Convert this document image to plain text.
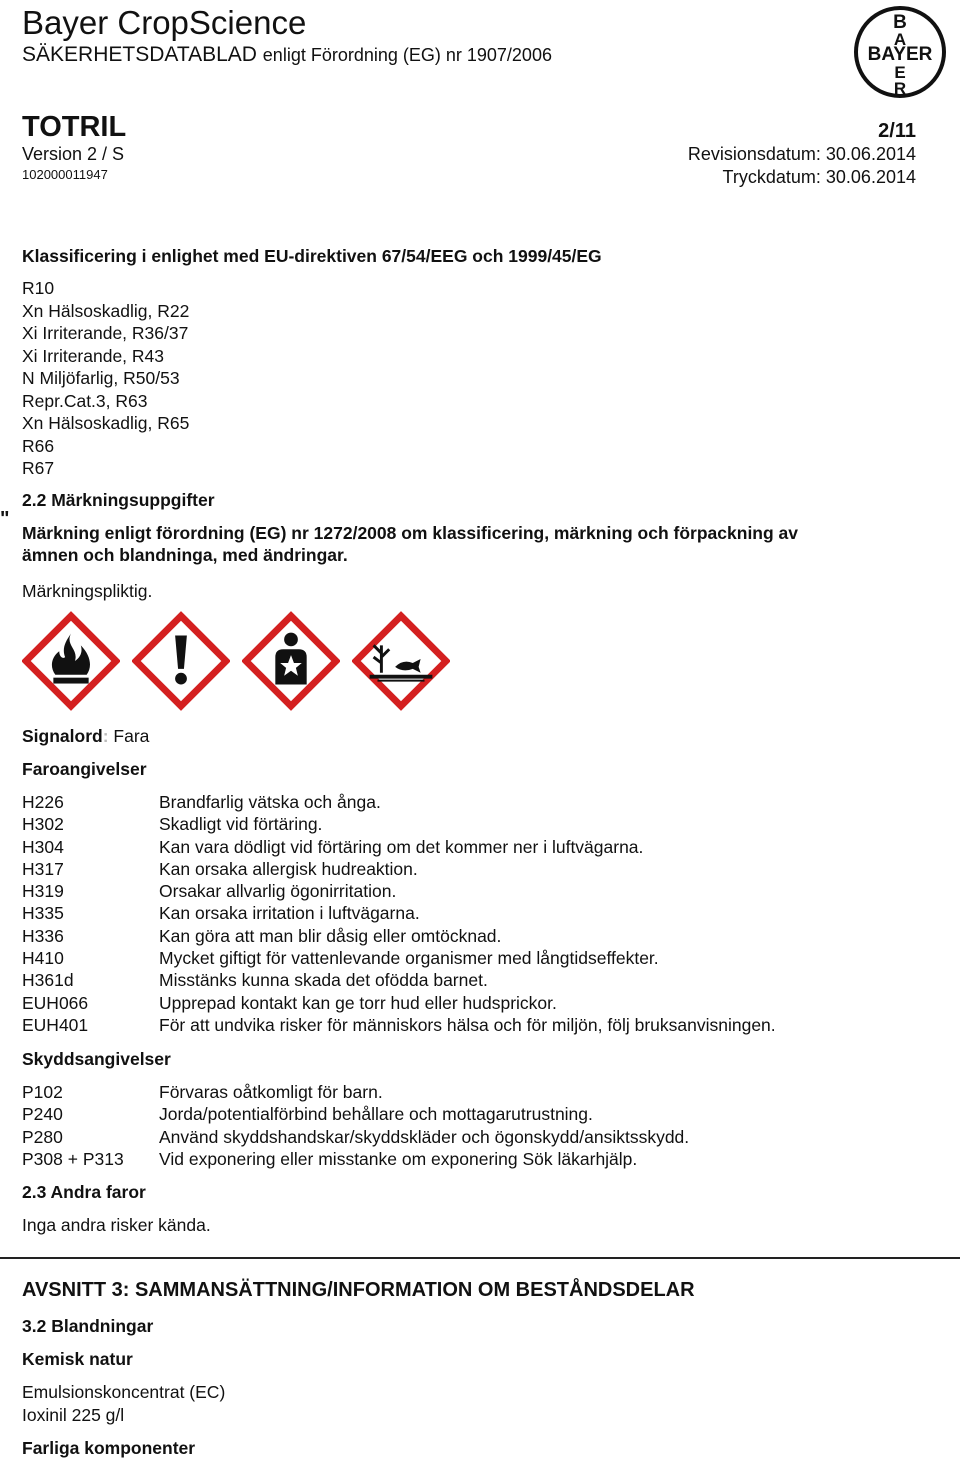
Bayer CropScience
SÄKERHETSDATABLAD enligt Förordning (EG) nr 1907/2006
B
A
BAYER
E
R
TOTRIL	2/11
Version 2 / S	Revisionsdatum: 30.06.2014
102000011947	Tryckdatum: 30.06.2014
Klassificering i enlighet med EU-direktiven 67/54/EEG och 1999/45/EG
R10
Xn Hälsoskadlig, R22
Xi Irriterande, R36/37
Xi Irriterande, R43
N Miljöfarlig, R50/53
Repr.Cat.3, R63
Xn Hälsoskadlig, R65
R66
R67
"
2.2 Märkningsuppgifter
Märkning enligt förordning (EG) nr 1272/2008 om klassificering, märkning och förpackning av
ämnen och blandninga, med ändringar.
Märkningspliktig.
Signalord: Fara
Faroangivelser
H226	Brandfarlig vätska och ånga.
H302	Skadligt vid förtäring.
H304	Kan vara dödligt vid förtäring om det kommer ner i luftvägarna.
H317	Kan orsaka allergisk hudreaktion.
H319	Orsakar allvarlig ögonirritation.
H335	Kan orsaka irritation i luftvägarna.
H336	Kan göra att man blir dåsig eller omtöcknad.
H410	Mycket giftigt för vattenlevande organismer med långtidseffekter.
H361d	Misstänks kunna skada det ofödda barnet.
EUH066	Upprepad kontakt kan ge torr hud eller hudsprickor.
EUH401	För att undvika risker för människors hälsa och för miljön, följ bruksanvisningen.
Skyddsangivelser
P102	Förvaras oåtkomligt för barn.
P240	Jorda/potentialförbind behållare och mottagarutrustning.
P280	Använd skyddshandskar/skyddskläder och ögonskydd/ansiktsskydd.
P308 + P313	Vid exponering eller misstanke om exponering Sök läkarhjälp.
2.3 Andra faror
Inga andra risker kända.
AVSNITT 3: SAMMANSÄTTNING/INFORMATION OM BESTÅNDSDELAR
3.2 Blandningar
Kemisk natur
Emulsionskoncentrat (EC)
Ioxinil 225 g/l
Farliga komponenter
